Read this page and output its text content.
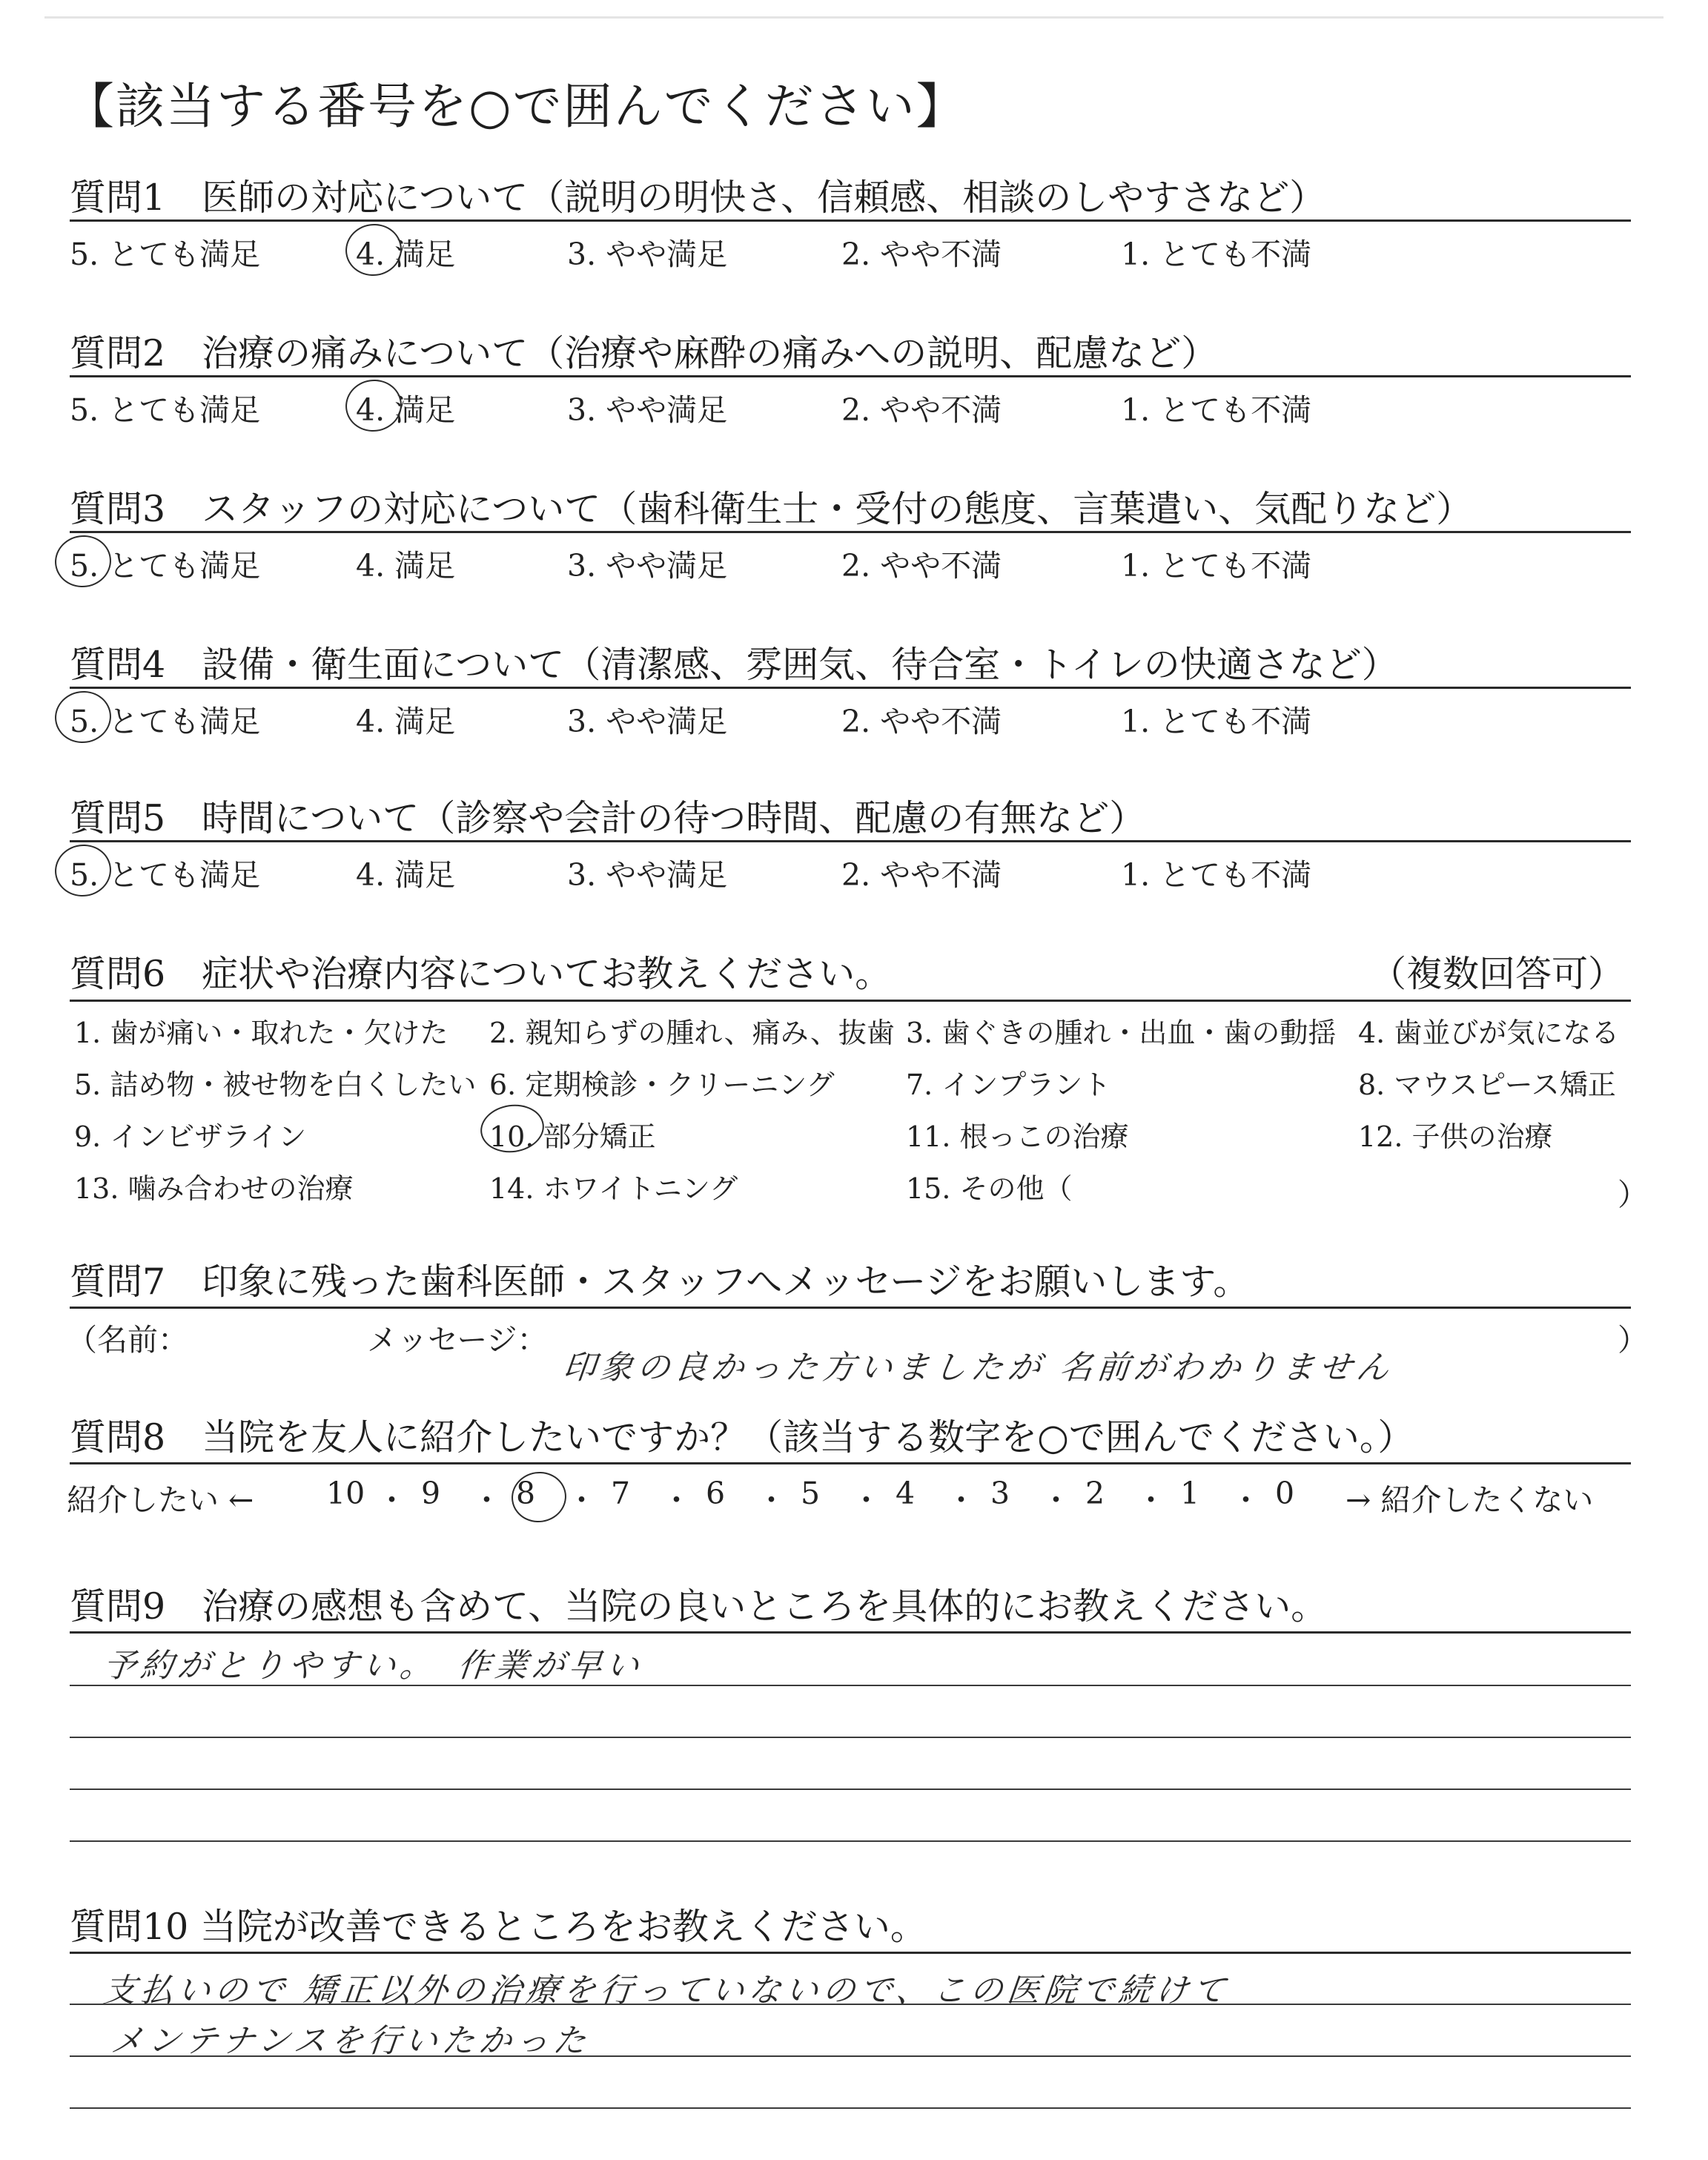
【該当する番号を○で囲んでください】
質問1　医師の対応について（説明の明快さ、信頼感、相談のしやすさなど）
5. とても満足	4. 満足	3. やや満足	2. やや不満	1. とても不満
質問2　治療の痛みについて（治療や麻酔の痛みへの説明、配慮など）
5. とても満足	4. 満足	3. やや満足	2. やや不満	1. とても不満
質問3　スタッフの対応について（歯科衛生士・受付の態度、言葉遣い、気配りなど）
5. とても満足	4. 満足	3. やや満足	2. やや不満	1. とても不満
質問4　設備・衛生面について（清潔感、雰囲気、待合室・トイレの快適さなど）
5. とても満足	4. 満足	3. やや満足	2. やや不満	1. とても不満
質問5　時間について（診察や会計の待つ時間、配慮の有無など）
5. とても満足	4. 満足	3. やや満足	2. やや不満	1. とても不満
質問6　症状や治療内容についてお教えください。	（複数回答可）
1. 歯が痛い・取れた・欠けた 2. 親知らずの腫れ、痛み、抜歯 3. 歯ぐきの腫れ・出血・歯の動揺 4. 歯並びが気になる
5. 詰め物・被せ物を白くしたい 6. 定期検診・クリーニング	7. インプラント	8. マウスピース矯正
9. インビザライン	10. 部分矯正	11. 根っこの治療	12. 子供の治療
13. 噛み合わせの治療	14. ホワイトニング	15. その他（	）
質問7　印象に残った歯科医師・スタッフへメッセージをお願いします。
（名前：	メッセージ：	）
印象の良かった方いましたが 名前がわかりません
質問8　当院を友人に紹介したいですか？（該当する数字を○で囲んでください。）
紹介したい ← 10 ・ 9 ・ 8 ・ 7 ・ 6 ・ 5 ・ 4 ・ 3 ・ 2 ・ 1 ・ 0 → 紹介したくない
質問9　治療の感想も含めて、当院の良いところを具体的にお教えください。
予約がとりやすい。　作業が早い
質問10 当院が改善できるところをお教えください。
支払いので 矯正以外の治療を行っていないので、この医院で続けて
メンテナンスを行いたかった
